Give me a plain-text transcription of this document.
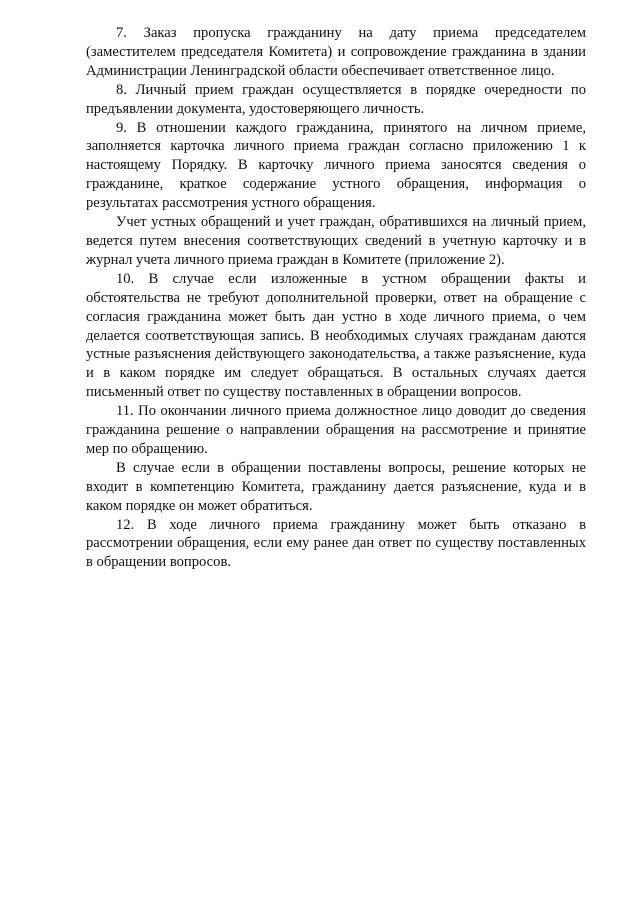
7. Заказ пропуска гражданину на дату приема председателем (заместителем председателя Комитета) и сопровождение гражданина в здании Администрации Ленинградской области обеспечивает ответственное лицо.

8. Личный прием граждан осуществляется в порядке очередности по предъявлении документа, удостоверяющего личность.

9. В отношении каждого гражданина, принятого на личном приеме, заполняется карточка личного приема граждан согласно приложению 1 к настоящему Порядку. В карточку личного приема заносятся сведения о гражданине, краткое содержание устного обращения, информация о результатах рассмотрения устного обращения.

Учет устных обращений и учет граждан, обратившихся на личный прием, ведется путем внесения соответствующих сведений в учетную карточку и в журнал учета личного приема граждан в Комитете (приложение 2).

10. В случае если изложенные в устном обращении факты и обстоятельства не требуют дополнительной проверки, ответ на обращение с согласия гражданина может быть дан устно в ходе личного приема, о чем делается соответствующая запись. В необходимых случаях гражданам даются устные разъяснения действующего законодательства, а также разъяснение, куда и в каком порядке им следует обращаться. В остальных случаях дается письменный ответ по существу поставленных в обращении вопросов.

11. По окончании личного приема должностное лицо доводит до сведения гражданина решение о направлении обращения на рассмотрение и принятие мер по обращению.

В случае если в обращении поставлены вопросы, решение которых не входит в компетенцию Комитета, гражданину дается разъяснение, куда и в каком порядке он может обратиться.

12. В ходе личного приема гражданину может быть отказано в рассмотрении обращения, если ему ранее дан ответ по существу поставленных в обращении вопросов.
